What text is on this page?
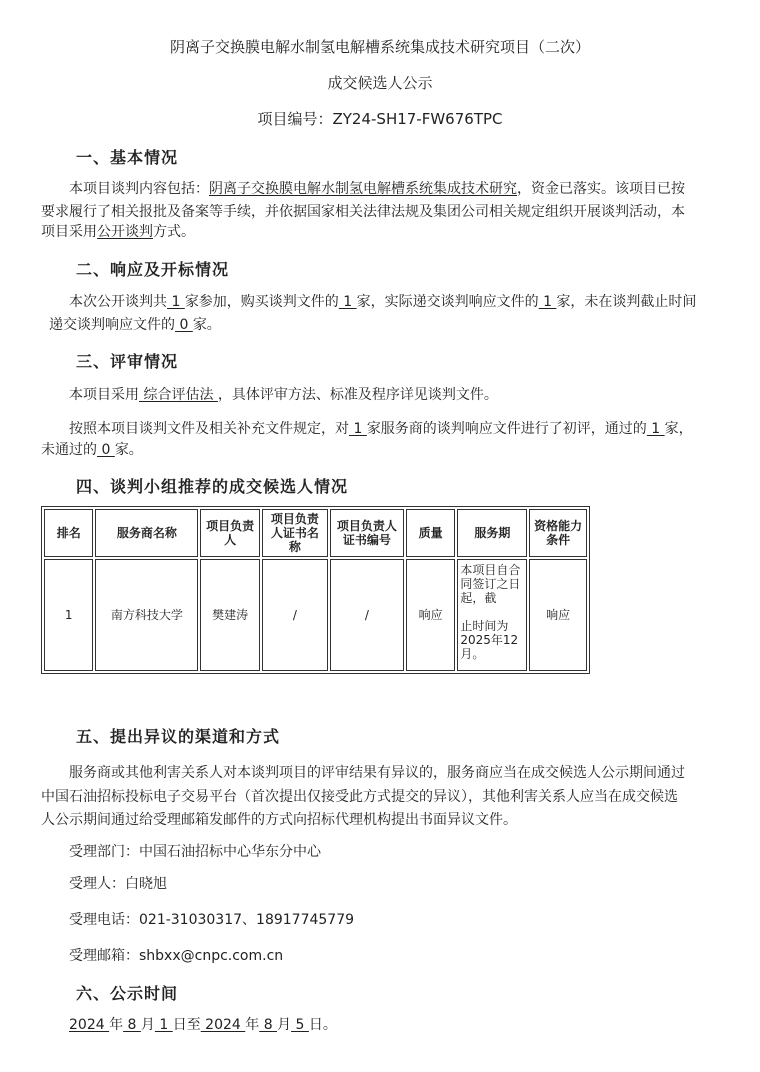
阴离子交换膜电解水制氢电解槽系统集成技术研究项目（二次）
成交候选人公示
项目编号：ZY24-SH17-FW676TPC
一、基本情况
本项目谈判内容包括：阴离子交换膜电解水制氢电解槽系统集成技术研究，资金已落实。该项目已按
要求履行了相关报批及备案等手续，并依据国家相关法律法规及集团公司相关规定组织开展谈判活动，本
项目采用公开谈判方式。
二、响应及开标情况
本次公开谈判共 1 家参加，购买谈判文件的 1 家，实际递交谈判响应文件的 1 家，未在谈判截止时间
递交谈判响应文件的 0 家。
三、评审情况
本项目采用 综合评估法 ，具体评审方法、标准及程序详见谈判文件。
按照本项目谈判文件及相关补充文件规定，对 1 家服务商的谈判响应文件进行了初评，通过的 1 家，
未通过的 0 家。
四、谈判小组推荐的成交候选人情况
排名	服务商名称	项目负责人	项目负责人证书名称	项目负责人证书编号	质量	服务期	资格能力条件
1	南方科技大学	樊建涛	/	/	响应	本项目自合同签订之日起，截
止时间为2025年12月。	响应
五、提出异议的渠道和方式
服务商或其他利害关系人对本谈判项目的评审结果有异议的，服务商应当在成交候选人公示期间通过
中国石油招标投标电子交易平台（首次提出仅接受此方式提交的异议），其他利害关系人应当在成交候选
人公示期间通过给受理邮箱发邮件的方式向招标代理机构提出书面异议文件。
受理部门：中国石油招标中心华东分中心
受理人：白晓旭
受理电话：021-31030317、18917745779
受理邮箱：shbxx@cnpc.com.cn
六、公示时间
2024 年 8 月 1 日至 2024 年 8 月 5 日。
